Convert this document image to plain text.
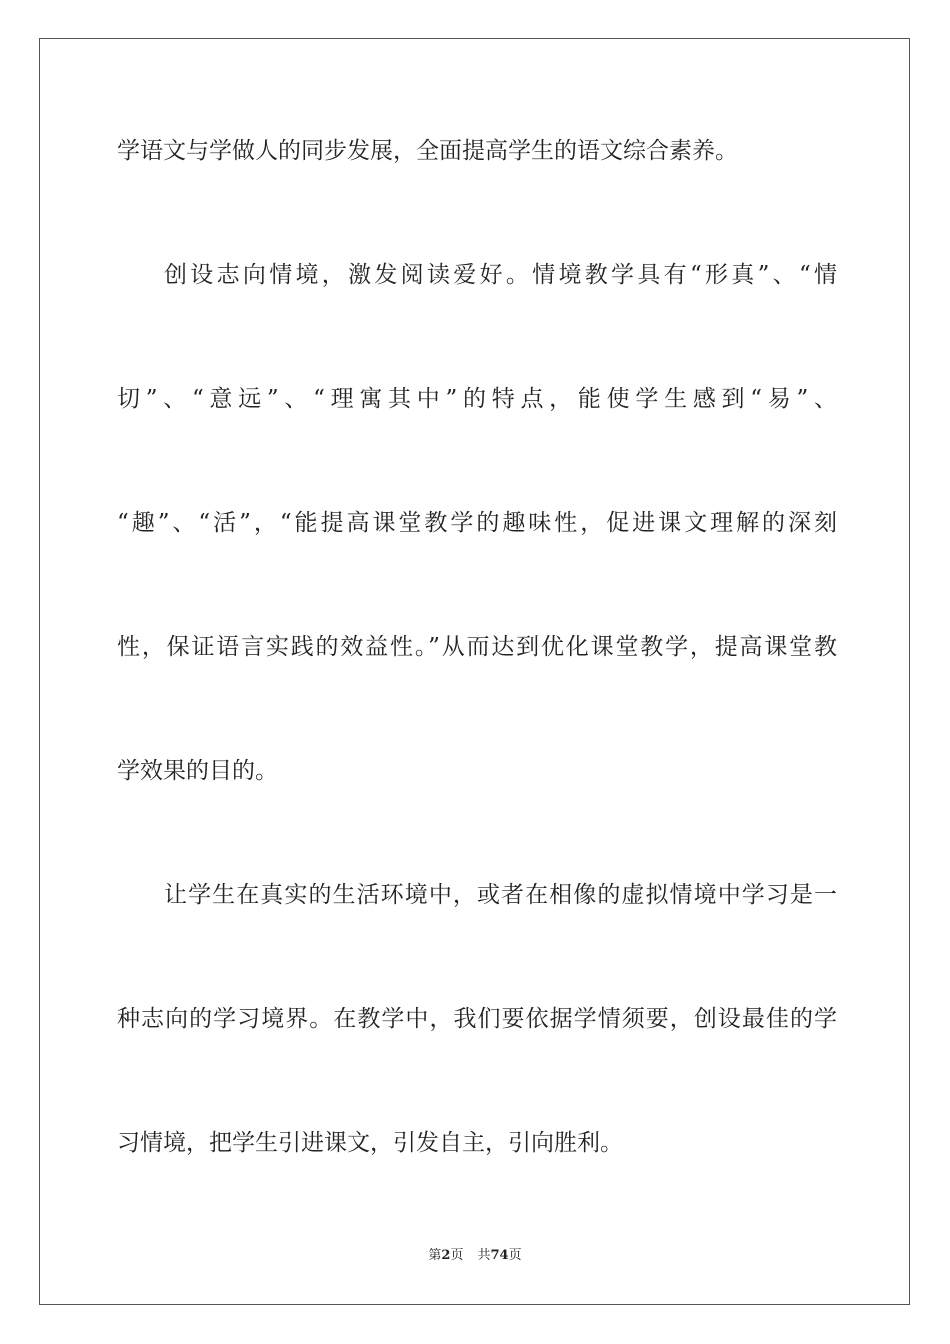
学语文与学做人的同步发展，全面提高学生的语文综合素养。
创设志向情境，激发阅读爱好。情境教学具有“形真”、“情
切”、“意远”、“理寓其中”的特点，能使学生感到“易”、
“趣”、“活”，“能提高课堂教学的趣味性，促进课文理解的深刻
性，保证语言实践的效益性。”从而达到优化课堂教学，提高课堂教
学效果的目的。
让学生在真实的生活环境中，或者在相像的虚拟情境中学习是一
种志向的学习境界。在教学中，我们要依据学情须要，创设最佳的学
习情境，把学生引进课文，引发自主，引向胜利。
第2页 共74页
